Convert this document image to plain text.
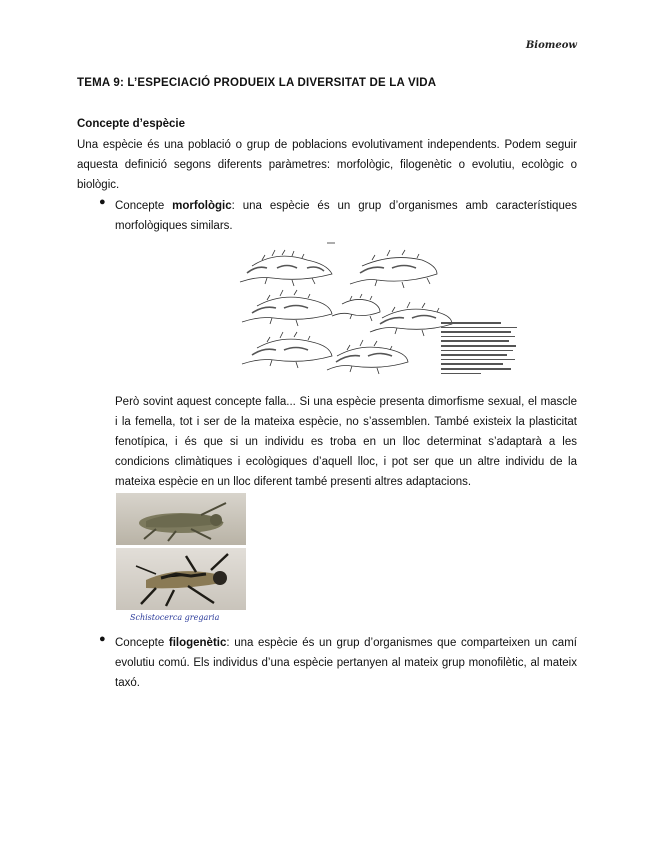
Biomeow
TEMA 9: L’ESPECIACIÓ PRODUEIX LA DIVERSITAT DE LA VIDA
Concepte d’espècie
Una espècie és una població o grup de poblacions evolutivament independents. Podem seguir aquesta definició segons diferents paràmetres: morfològic, filogenètic o evolutiu, ecològic o biològic.
● Concepte morfològic: una espècie és un grup d’organismes amb característiques morfològiques similars.
Però sovint aquest concepte falla... Si una espècie presenta dimorfisme sexual, el mascle i la femella, tot i ser de la mateixa espècie, no s’assemblen. També existeix la plasticitat fenotípica, i és que si un individu es troba en un lloc determinat s’adaptarà a les condicions climàtiques i ecològiques d’aquell lloc, i pot ser que un altre individu de la mateixa espècie en un lloc diferent també presenti altres adaptacions.
Schistocerca gregaria
● Concepte filogenètic: una espècie és un grup d’organismes que comparteixen un camí evolutiu comú. Els individus d’una espècie pertanyen al mateix grup monofilètic, al mateix taxó.
